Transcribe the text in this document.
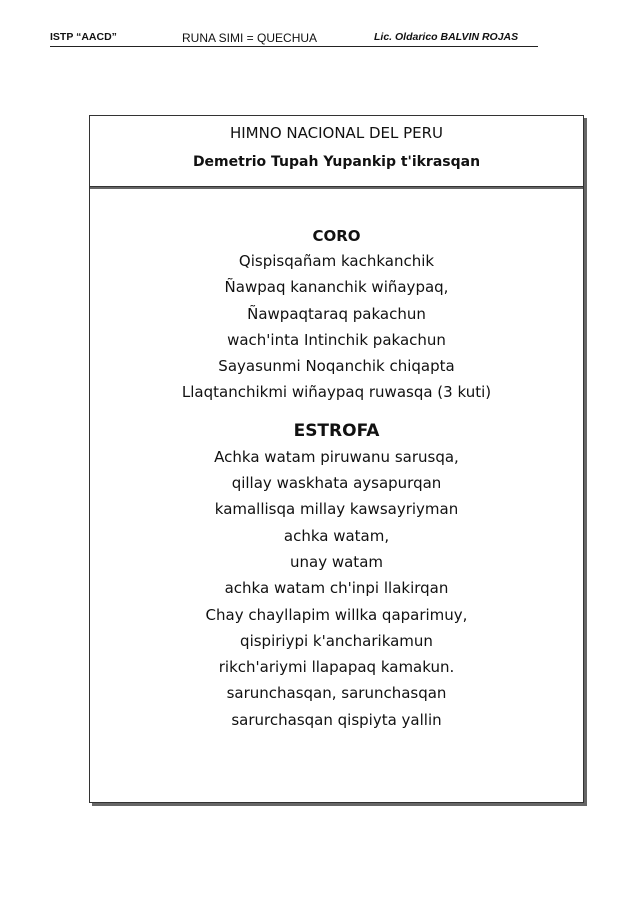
ISTP “AACD”	RUNA SIMI = QUECHUA	Lic. Oldarico BALVIN ROJAS
HIMNO NACIONAL DEL PERU
Demetrio Tupah Yupankip t'ikrasqan
CORO
Qispisqañam kachkanchik
Ñawpaq kananchik wiñaypaq,
Ñawpaqtaraq pakachun
wach'inta Intinchik pakachun
Sayasunmi Noqanchik chiqapta
Llaqtanchikmi wiñaypaq ruwasqa (3 kuti)
ESTROFA
Achka watam piruwanu sarusqa,
qillay waskhata aysapurqan
kamallisqa millay kawsayriyman
achka watam,
unay watam
achka watam ch'inpi llakirqan
Chay chayllapim willka qaparimuy,
qispiriypi k'ancharikamun
rikch'ariymi llapapaq kamakun.
sarunchasqan, sarunchasqan
sarurchasqan qispiyta yallin
